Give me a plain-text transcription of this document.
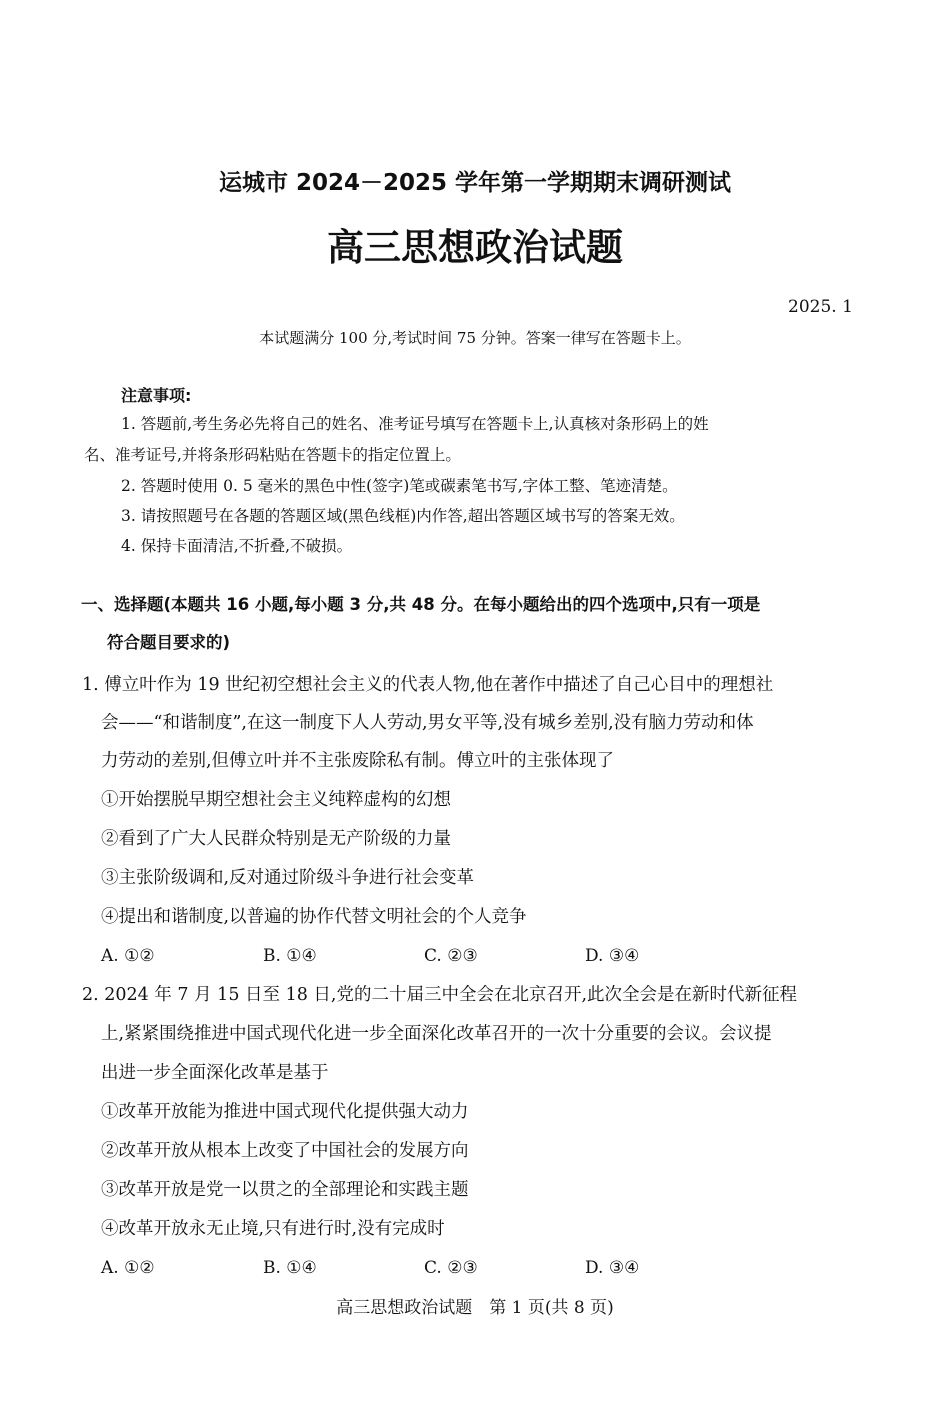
运城市 2024－2025 学年第一学期期末调研测试
高三思想政治试题
2025. 1
本试题满分 100 分,考试时间 75 分钟。答案一律写在答题卡上。
注意事项:
1. 答题前,考生务必先将自己的姓名、准考证号填写在答题卡上,认真核对条形码上的姓
名、准考证号,并将条形码粘贴在答题卡的指定位置上。
2. 答题时使用 0. 5 毫米的黑色中性(签字)笔或碳素笔书写,字体工整、笔迹清楚。
3. 请按照题号在各题的答题区域(黑色线框)内作答,超出答题区域书写的答案无效。
4. 保持卡面清洁,不折叠,不破损。
一、选择题(本题共 16 小题,每小题 3 分,共 48 分。在每小题给出的四个选项中,只有一项是
符合题目要求的)
1. 傅立叶作为 19 世纪初空想社会主义的代表人物,他在著作中描述了自己心目中的理想社
会——“和谐制度”,在这一制度下人人劳动,男女平等,没有城乡差别,没有脑力劳动和体
力劳动的差别,但傅立叶并不主张废除私有制。傅立叶的主张体现了
①开始摆脱早期空想社会主义纯粹虚构的幻想
②看到了广大人民群众特别是无产阶级的力量
③主张阶级调和,反对通过阶级斗争进行社会变革
④提出和谐制度,以普遍的协作代替文明社会的个人竞争
A. ①②	B. ①④	C. ②③	D. ③④
2. 2024 年 7 月 15 日至 18 日,党的二十届三中全会在北京召开,此次全会是在新时代新征程
上,紧紧围绕推进中国式现代化进一步全面深化改革召开的一次十分重要的会议。会议提
出进一步全面深化改革是基于
①改革开放能为推进中国式现代化提供强大动力
②改革开放从根本上改变了中国社会的发展方向
③改革开放是党一以贯之的全部理论和实践主题
④改革开放永无止境,只有进行时,没有完成时
A. ①②	B. ①④	C. ②③	D. ③④
高三思想政治试题　第 1 页(共 8 页)
